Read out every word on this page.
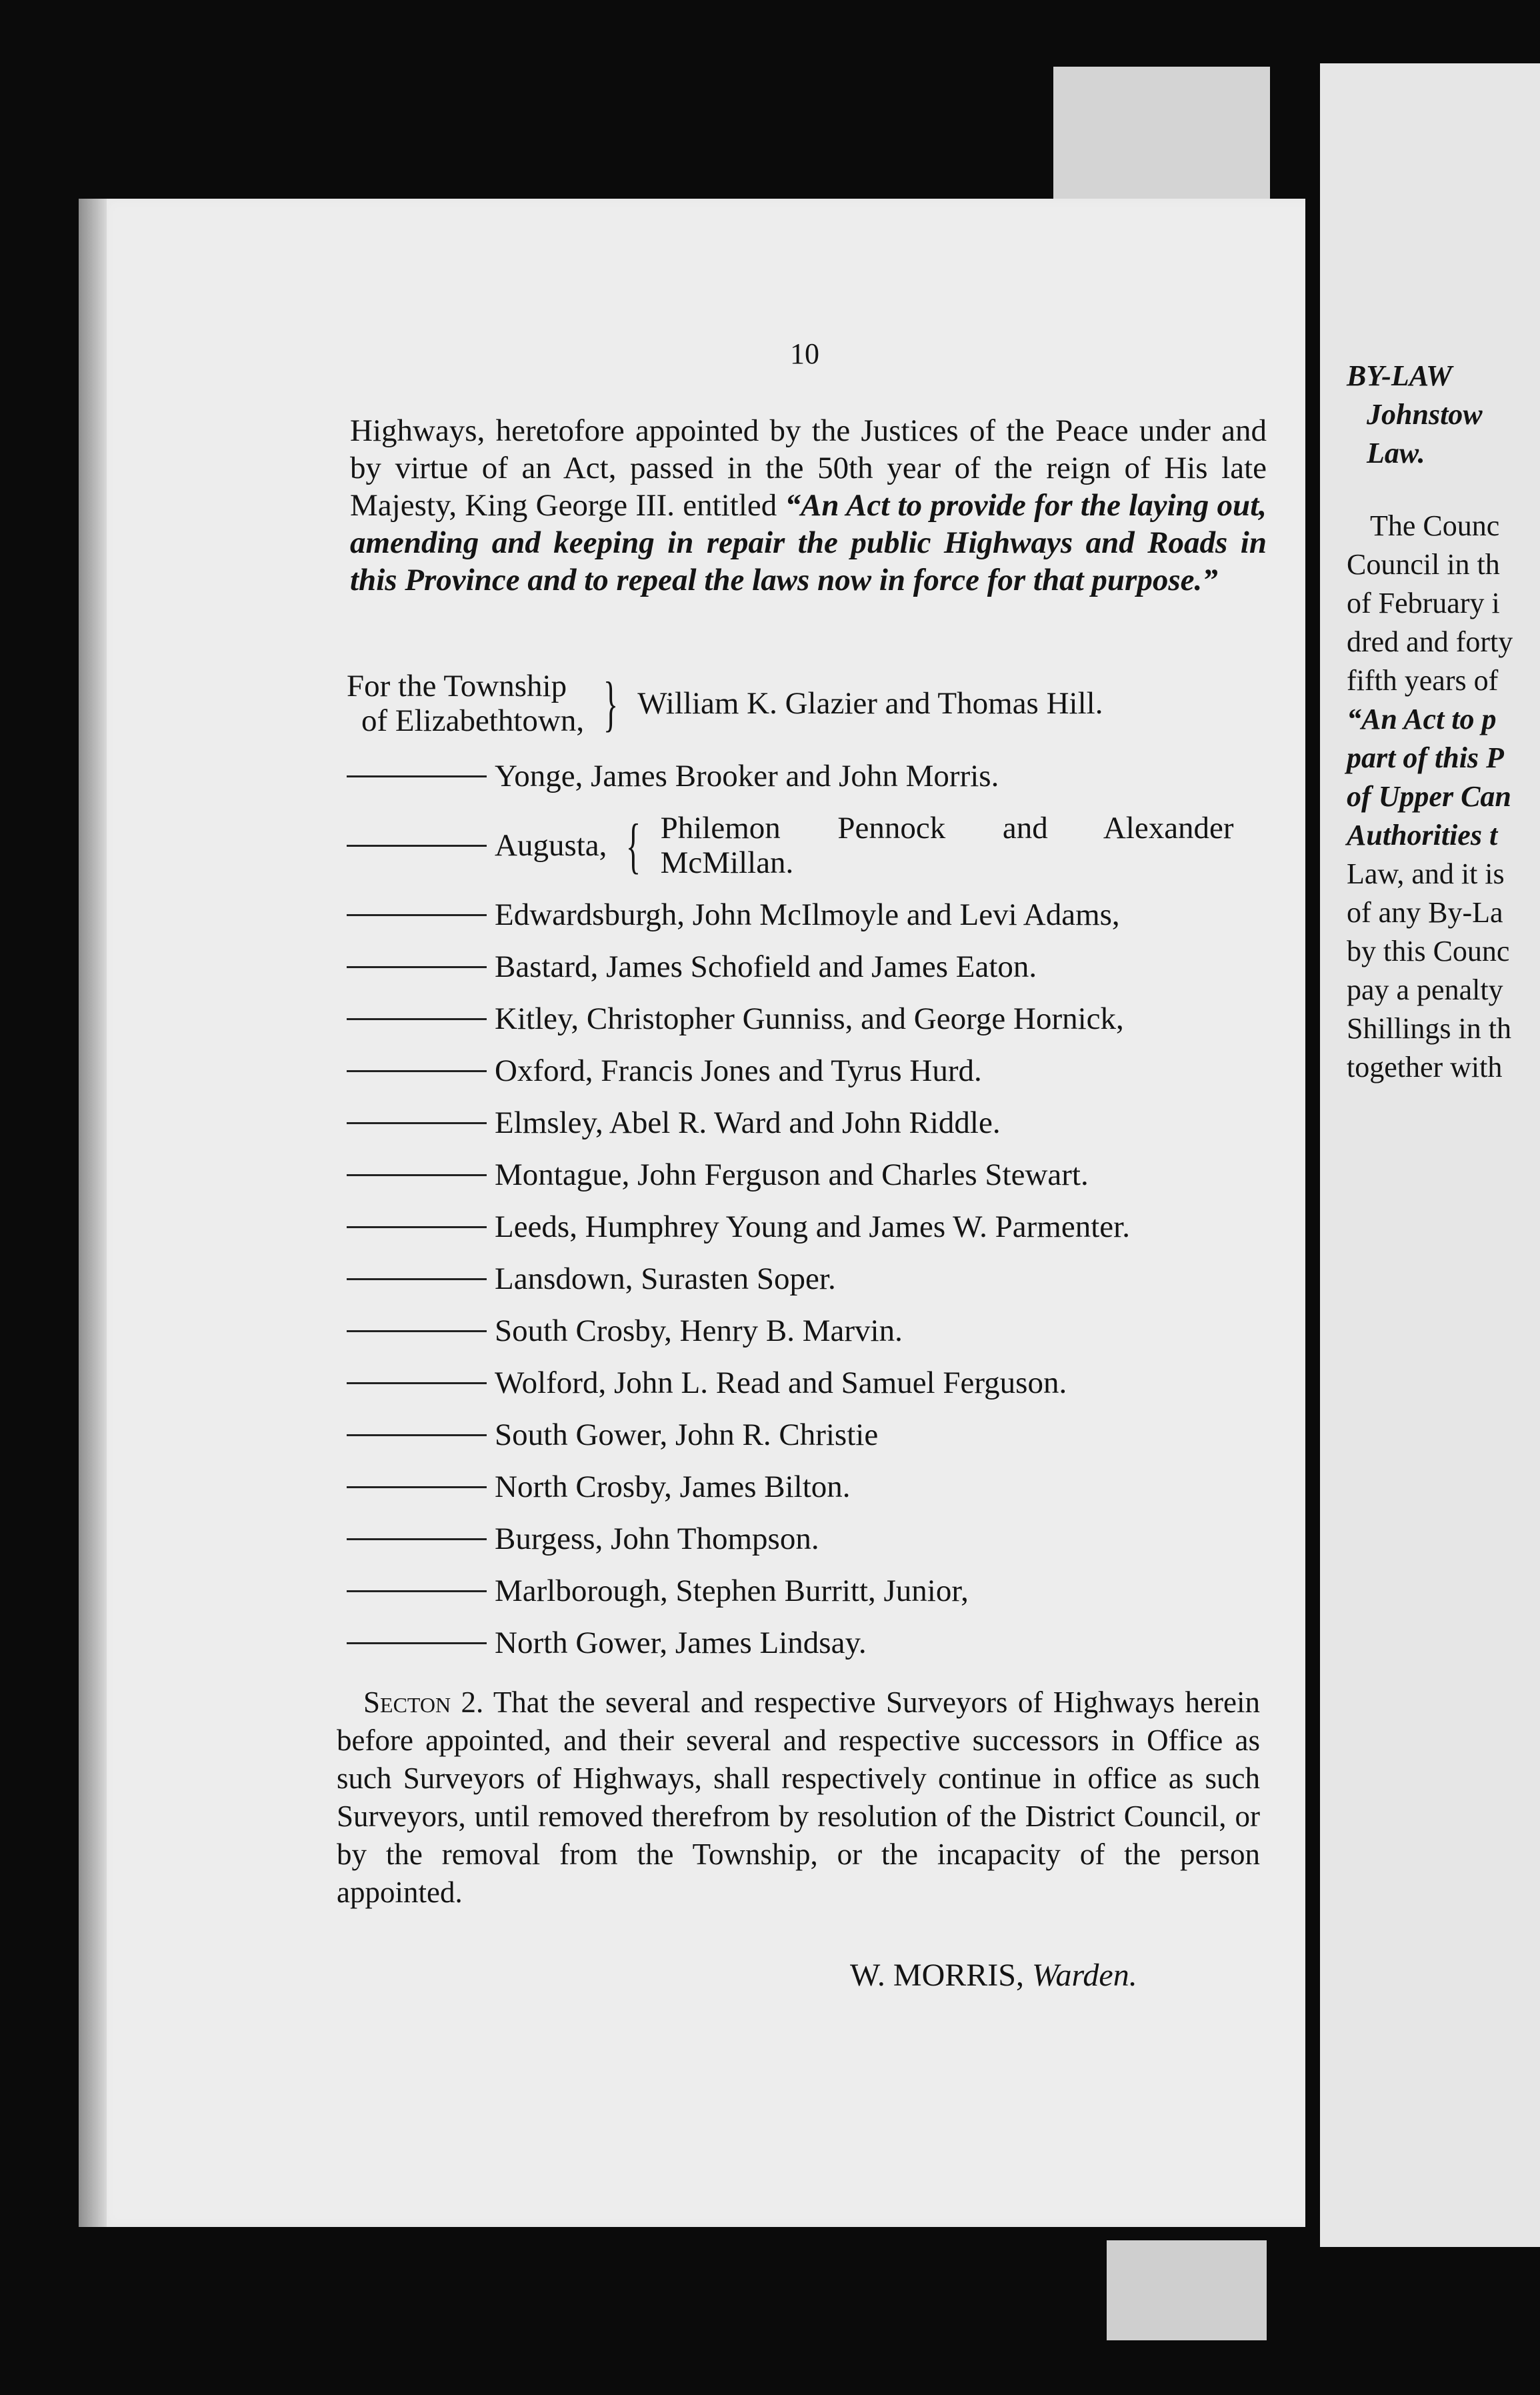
BY-LAW
Johnstow
Law.
The Counc
Council in th
of February i
dred and forty
fifth years of
“An Act to p
part of this P
of Upper Can
Authorities t
Law, and it is
of any By-La
by this Counc
pay a penalty
Shillings in th
together with
10
Highways, heretofore appointed by the Justices of the Peace under and by virtue of an Act, passed in the 50th year of the reign of His late Majesty, King George III. entitled “An Act to provide for the laying out, amending and keeping in repair the public Highways and Roads in this Province and to repeal the laws now in force for that purpose.”
For the Township
of Elizabethtown, } William K. Glazier and Thomas Hill.
Yonge, James Brooker and John Morris.
Augusta, { Philemon Pennock and Alexander
McMillan.
Edwardsburgh, John McIlmoyle and Levi Adams,
Bastard, James Schofield and James Eaton.
Kitley, Christopher Gunniss, and George Hornick,
Oxford, Francis Jones and Tyrus Hurd.
Elmsley, Abel R. Ward and John Riddle.
Montague, John Ferguson and Charles Stewart.
Leeds, Humphrey Young and James W. Parmenter.
Lansdown, Surasten Soper.
South Crosby, Henry B. Marvin.
Wolford, John L. Read and Samuel Ferguson.
South Gower, John R. Christie
North Crosby, James Bilton.
Burgess, John Thompson.
Marlborough, Stephen Burritt, Junior,
North Gower, James Lindsay.
Secton 2. That the several and respective Surveyors of Highways herein before appointed, and their several and respective successors in Office as such Surveyors of Highways, shall respectively continue in office as such Surveyors, until removed therefrom by resolution of the District Council, or by the removal from the Township, or the incapacity of the person appointed.
W. MORRIS, Warden.
